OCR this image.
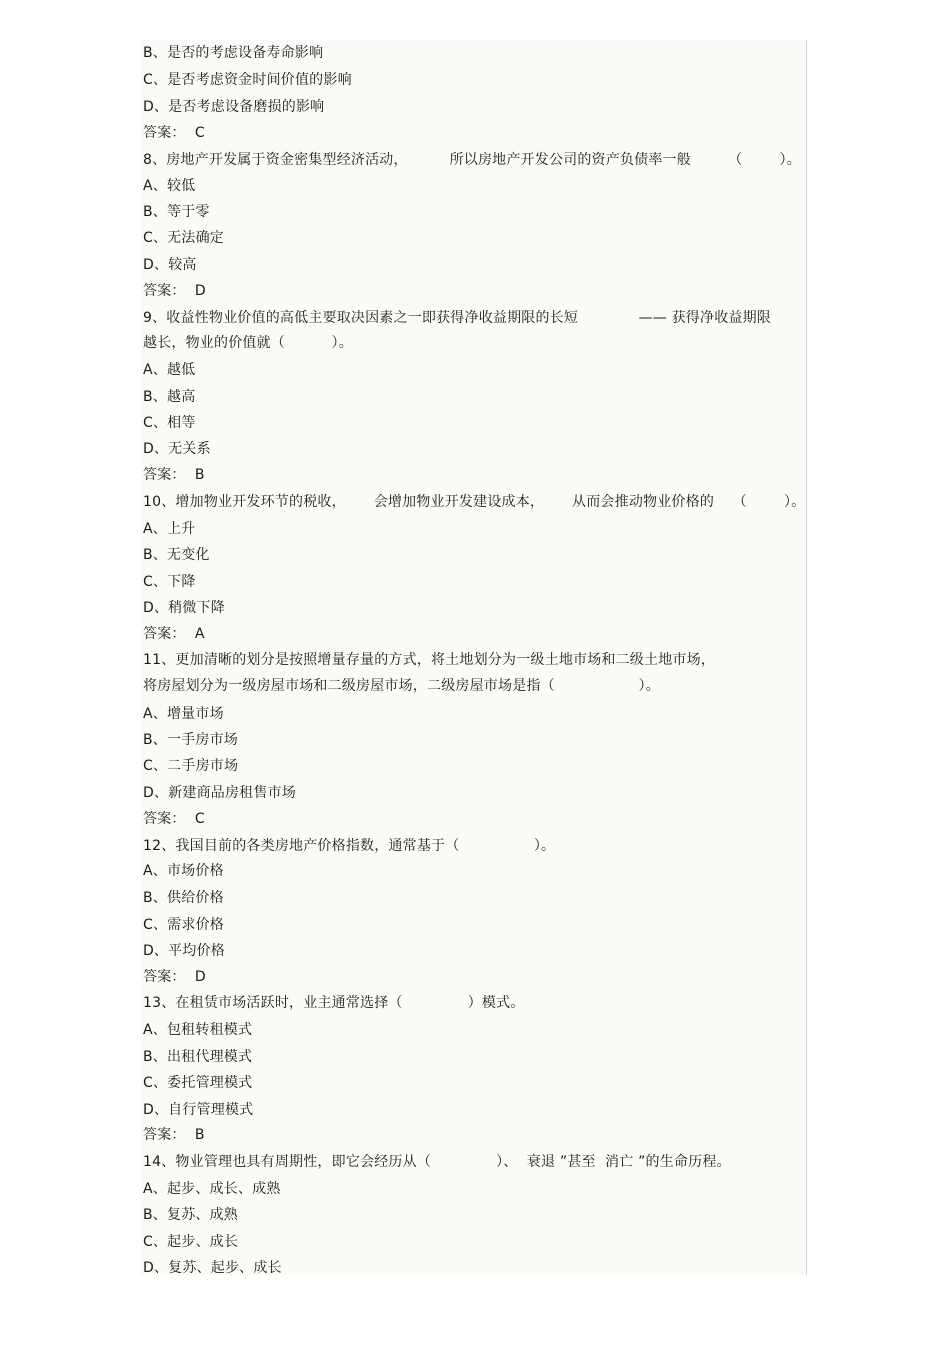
B、是否的考虑设备寿命影响
C、是否考虑资金时间价值的影响
D、是否考虑设备磨损的影响
答案：  C
8、房地产开发属于资金密集型经济活动，         所以房地产开发公司的资产负债率一般        （        ）。
A、较低
B、等于零
C、无法确定
D、较高
答案：  D
9、收益性物业价值的高低主要取决因素之一即获得净收益期限的长短             —— 获得净收益期限
越长，物业的价值就（          ）。
A、越低
B、越高
C、相等
D、无关系
答案：  B
10、增加物业开发环节的税收，      会增加物业开发建设成本，      从而会推动物业价格的    （        ）。
A、上升
B、无变化
C、下降
D、稍微下降
答案：  A
11、更加清晰的划分是按照增量存量的方式，将土地划分为一级土地市场和二级土地市场，
将房屋划分为一级房屋市场和二级房屋市场，二级房屋市场是指（                  ）。
A、增量市场
B、一手房市场
C、二手房市场
D、新建商品房租售市场
答案：  C
12、我国目前的各类房地产价格指数，通常基于（                ）。
A、市场价格
B、供给价格
C、需求价格
D、平均价格
答案：  D
13、在租赁市场活跃时，业主通常选择（              ）模式。
A、包租转租模式
B、出租代理模式
C、委托管理模式
D、自行管理模式
答案：  B
14、物业管理也具有周期性，即它会经历从（              ）、  衰退 ”甚至  消亡 ”的生命历程。
A、起步、成长、成熟
B、复苏、成熟
C、起步、成长
D、复苏、起步、成长
